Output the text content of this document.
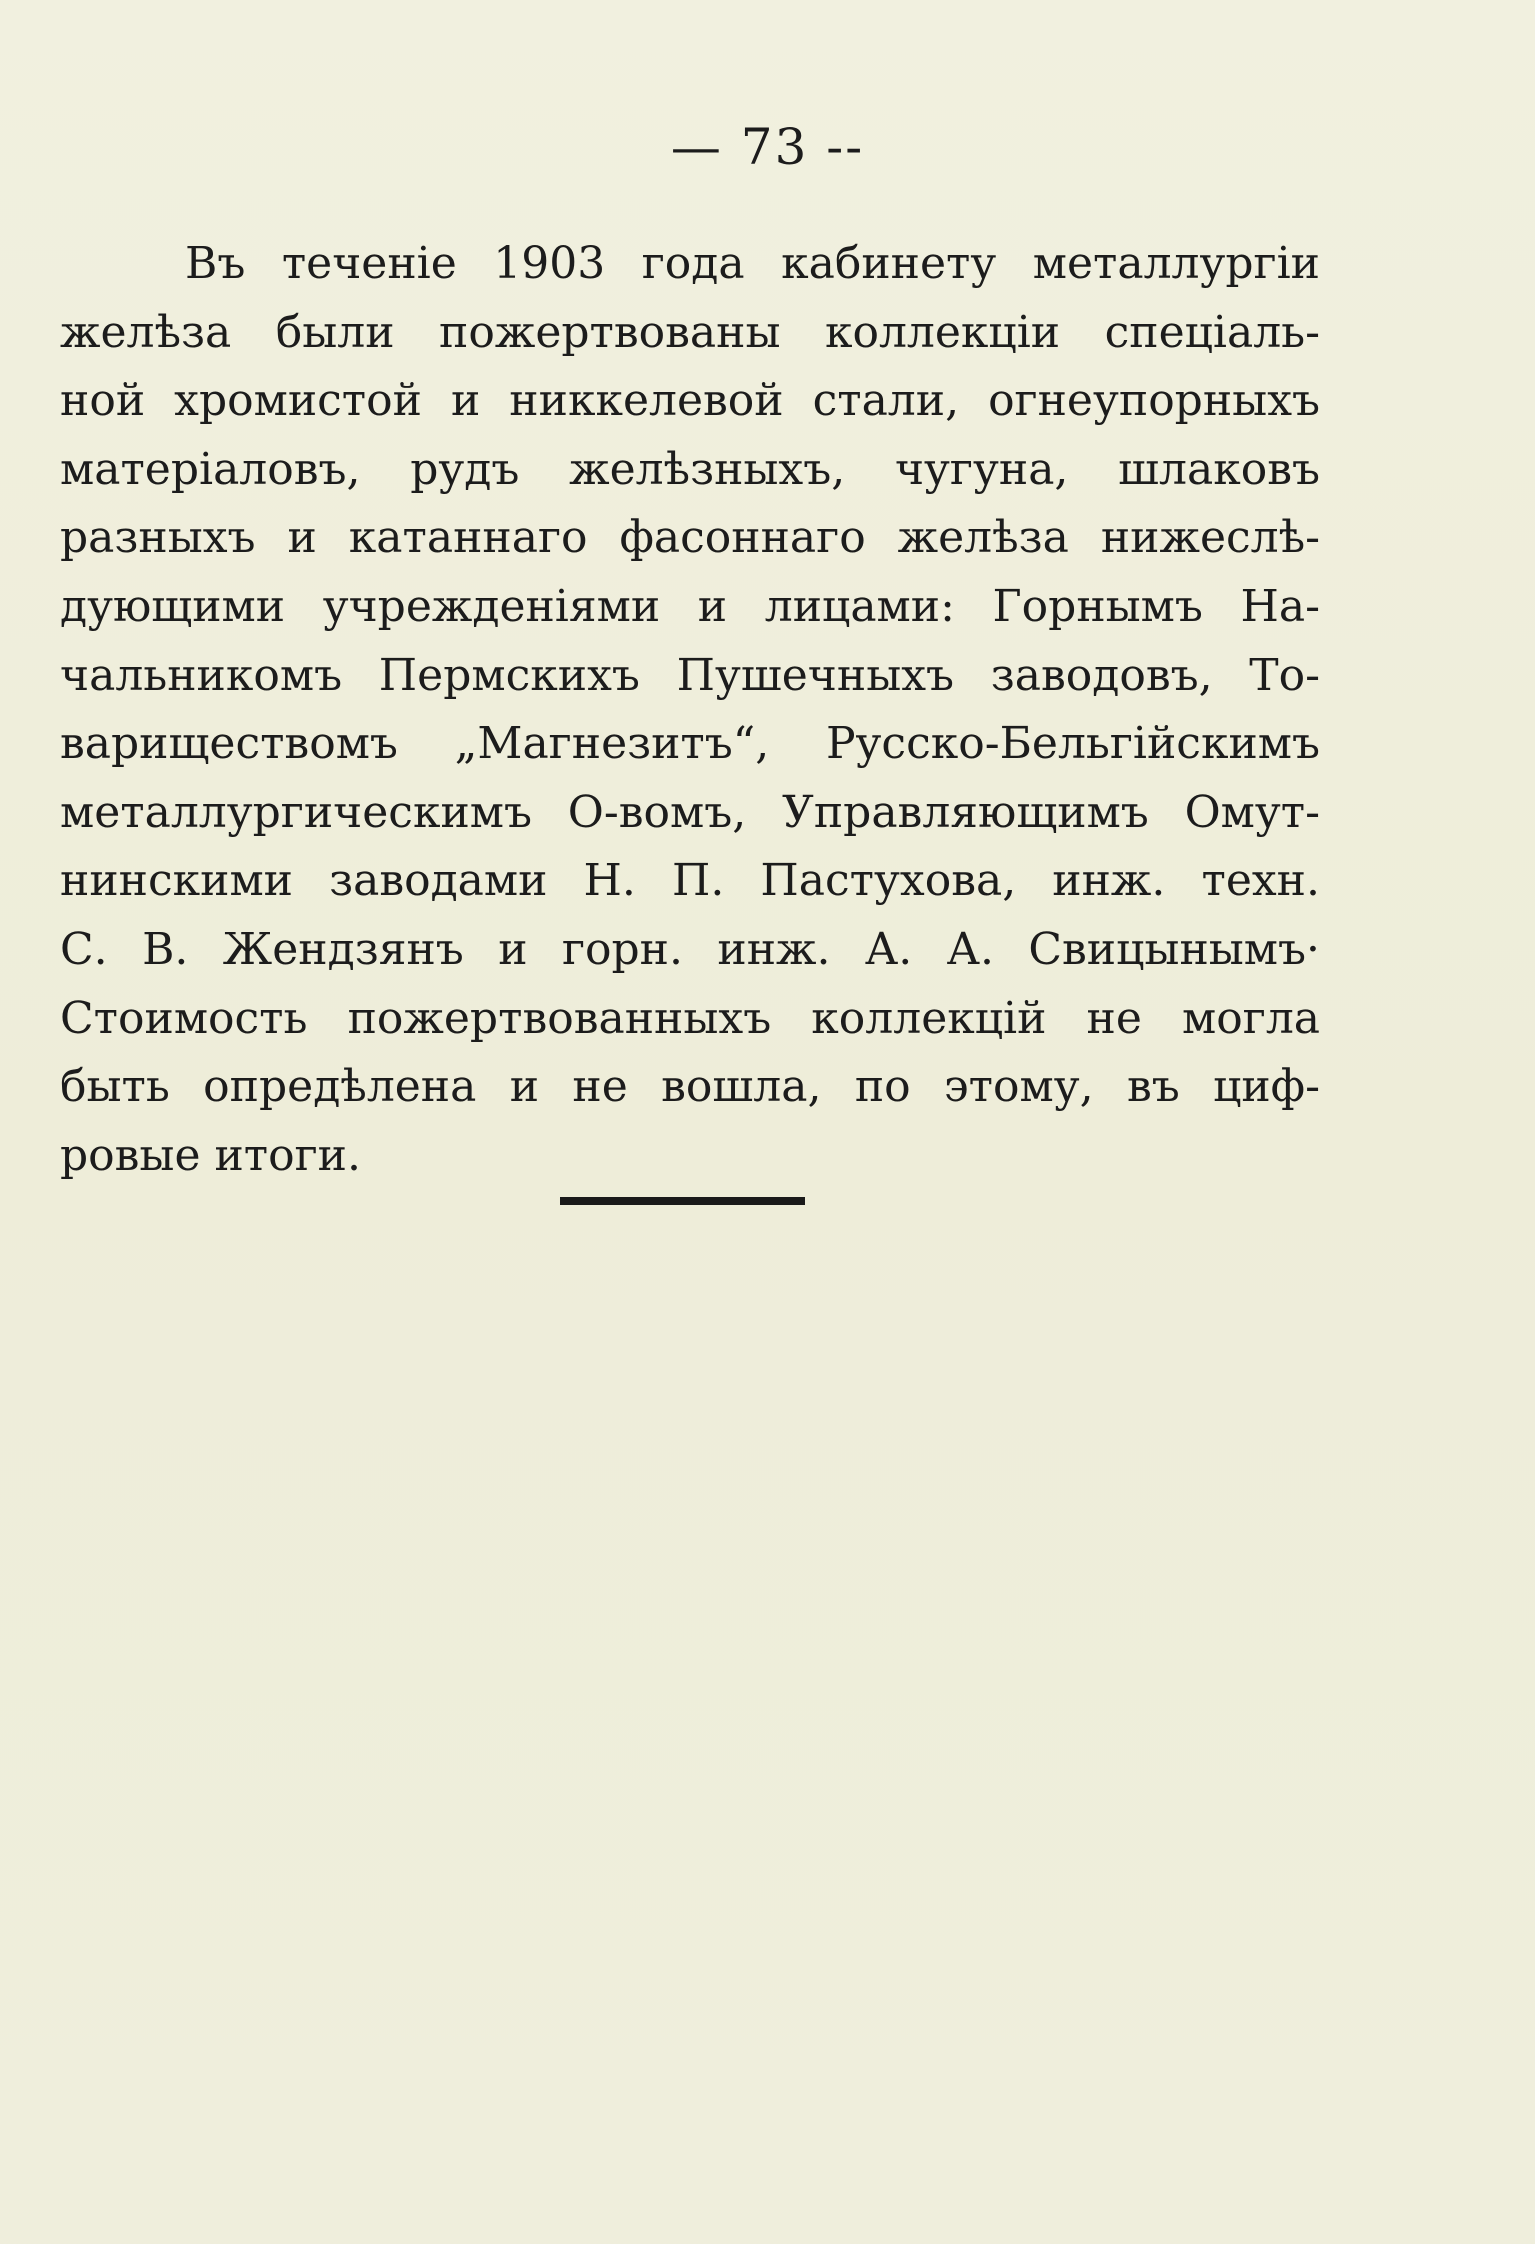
— 73 --
Въ теченіе 1903 года кабинету металлургіи
желѣза были пожертвованы коллекціи спеціаль-
ной хромистой и никкелевой стали, огнеупорныхъ
матеріаловъ, рудъ желѣзныхъ, чугуна, шлаковъ
разныхъ и катаннаго фасоннаго желѣза нижеслѣ-
дующими учрежденіями и лицами: Горнымъ На-
чальникомъ Пермскихъ Пушечныхъ заводовъ, То-
вариществомъ „Магнезитъ“, Русско-Бельгійскимъ
металлургическимъ О-вомъ, Управляющимъ Омут-
нинскими заводами Н. П. Пастухова, инж. техн.
С. В. Жендзянъ и горн. инж. А. А. Свицынымъ·
Стоимость пожертвованныхъ коллекцій не могла
быть опредѣлена и не вошла, по этому, въ циф-
ровые итоги.
